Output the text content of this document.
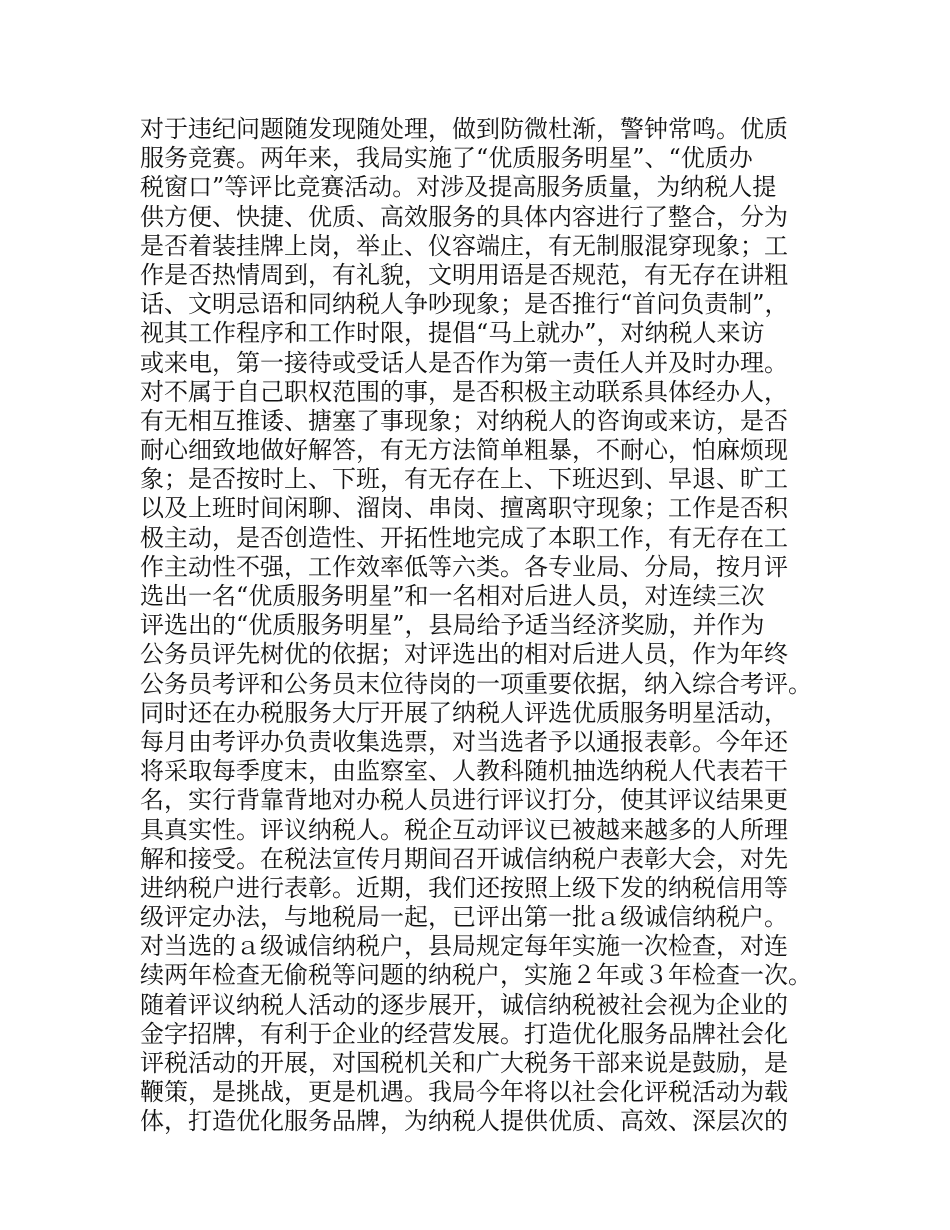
对于违纪问题随发现随处理，做到防微杜渐，警钟常鸣。优质
服务竞赛。两年来，我局实施了“优质服务明星”、“优质办
税窗口”等评比竞赛活动。对涉及提高服务质量，为纳税人提
供方便、快捷、优质、高效服务的具体内容进行了整合，分为
是否着装挂牌上岗，举止、仪容端庄，有无制服混穿现象；工
作是否热情周到，有礼貌，文明用语是否规范，有无存在讲粗
话、文明忌语和同纳税人争吵现象；是否推行“首问负责制”，
视其工作程序和工作时限，提倡“马上就办”，对纳税人来访
或来电，第一接待或受话人是否作为第一责任人并及时办理。
对不属于自己职权范围的事，是否积极主动联系具体经办人，
有无相互推诿、搪塞了事现象；对纳税人的咨询或来访，是否
耐心细致地做好解答，有无方法简单粗暴，不耐心，怕麻烦现
象；是否按时上、下班，有无存在上、下班迟到、早退、旷工
以及上班时间闲聊、溜岗、串岗、擅离职守现象；工作是否积
极主动，是否创造性、开拓性地完成了本职工作，有无存在工
作主动性不强，工作效率低等六类。各专业局、分局，按月评
选出一名“优质服务明星”和一名相对后进人员，对连续三次
评选出的“优质服务明星”，县局给予适当经济奖励，并作为
公务员评先树优的依据；对评选出的相对后进人员，作为年终
公务员考评和公务员末位待岗的一项重要依据，纳入综合考评。
同时还在办税服务大厅开展了纳税人评选优质服务明星活动，
每月由考评办负责收集选票，对当选者予以通报表彰。今年还
将采取每季度末，由监察室、人教科随机抽选纳税人代表若干
名，实行背靠背地对办税人员进行评议打分，使其评议结果更
具真实性。评议纳税人。税企互动评议已被越来越多的人所理
解和接受。在税法宣传月期间召开诚信纳税户表彰大会，对先
进纳税户进行表彰。近期，我们还按照上级下发的纳税信用等
级评定办法，与地税局一起，已评出第一批ａ级诚信纳税户。
对当选的ａ级诚信纳税户，县局规定每年实施一次检查，对连
续两年检查无偷税等问题的纳税户，实施２年或３年检查一次。
随着评议纳税人活动的逐步展开，诚信纳税被社会视为企业的
金字招牌，有利于企业的经营发展。打造优化服务品牌社会化
评税活动的开展，对国税机关和广大税务干部来说是鼓励，是
鞭策，是挑战，更是机遇。我局今年将以社会化评税活动为载
体，打造优化服务品牌，为纳税人提供优质、高效、深层次的
